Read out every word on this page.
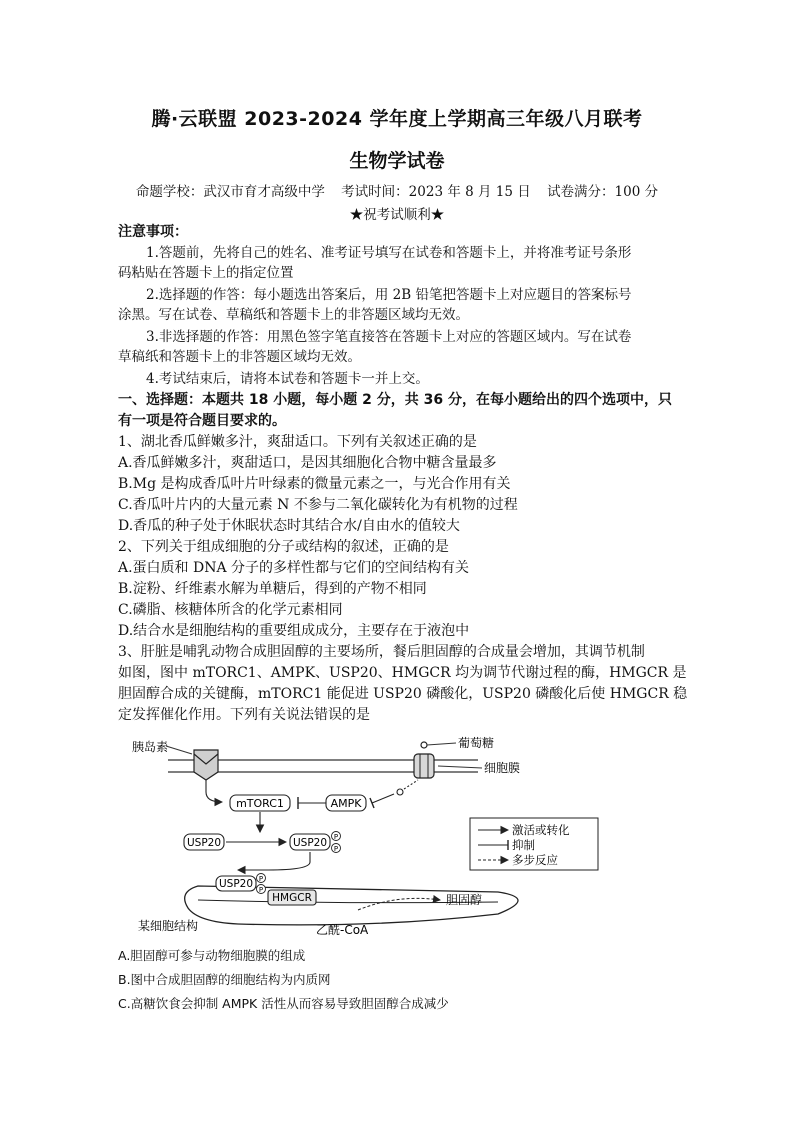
腾·云联盟 2023-2024 学年度上学期高三年级八月联考
生物学试卷
命题学校：武汉市育才高级中学 考试时间：2023 年 8 月 15 日 试卷满分：100 分
★祝考试顺利★
注意事项：
1.答题前，先将自己的姓名、准考证号填写在试卷和答题卡上，并将准考证号条形
码粘贴在答题卡上的指定位置
2.选择题的作答：每小题选出答案后，用 2B 铅笔把答题卡上对应题目的答案标号
涂黑。写在试卷、草稿纸和答题卡上的非答题区域均无效。
3.非选择题的作答：用黑色签字笔直接答在答题卡上对应的答题区域内。写在试卷
草稿纸和答题卡上的非答题区域均无效。
4.考试结束后，请将本试卷和答题卡一并上交。
一、选择题：本题共 18 小题，每小题 2 分，共 36 分，在每小题给出的四个选项中，只
有一项是符合题目要求的。
1、湖北香瓜鲜嫩多汁，爽甜适口。下列有关叙述正确的是
A.香瓜鲜嫩多汁，爽甜适口，是因其细胞化合物中糖含量最多
B.Mg 是构成香瓜叶片叶绿素的微量元素之一，与光合作用有关
C.香瓜叶片内的大量元素 N 不参与二氧化碳转化为有机物的过程
D.香瓜的种子处于休眠状态时其结合水/自由水的值较大
2、下列关于组成细胞的分子或结构的叙述，正确的是
A.蛋白质和 DNA 分子的多样性都与它们的空间结构有关
B.淀粉、纤维素水解为单糖后，得到的产物不相同
C.磷脂、核糖体所含的化学元素相同
D.结合水是细胞结构的重要组成成分，主要存在于液泡中
3、肝脏是哺乳动物合成胆固醇的主要场所，餐后胆固醇的合成量会增加，其调节机制
如图，图中 mTORC1、AMPK、USP20、HMGCR 均为调节代谢过程的酶，HMGCR 是
胆固醇合成的关键酶，mTORC1 能促进 USP20 磷酸化，USP20 磷酸化后使 HMGCR 稳
定发挥催化作用。下列有关说法错误的是
胰岛素	葡萄糖
细胞膜
mTORC1	AMPK
USP20	USP20 P
P
USP20 P
P
HMGCR	胆固醇
某细胞结构	乙酰-CoA
激活或转化
抑制
多步反应
A.胆固醇可参与动物细胞膜的组成
B.图中合成胆固醇的细胞结构为内质网
C.高糖饮食会抑制 AMPK 活性从而容易导致胆固醇合成减少
